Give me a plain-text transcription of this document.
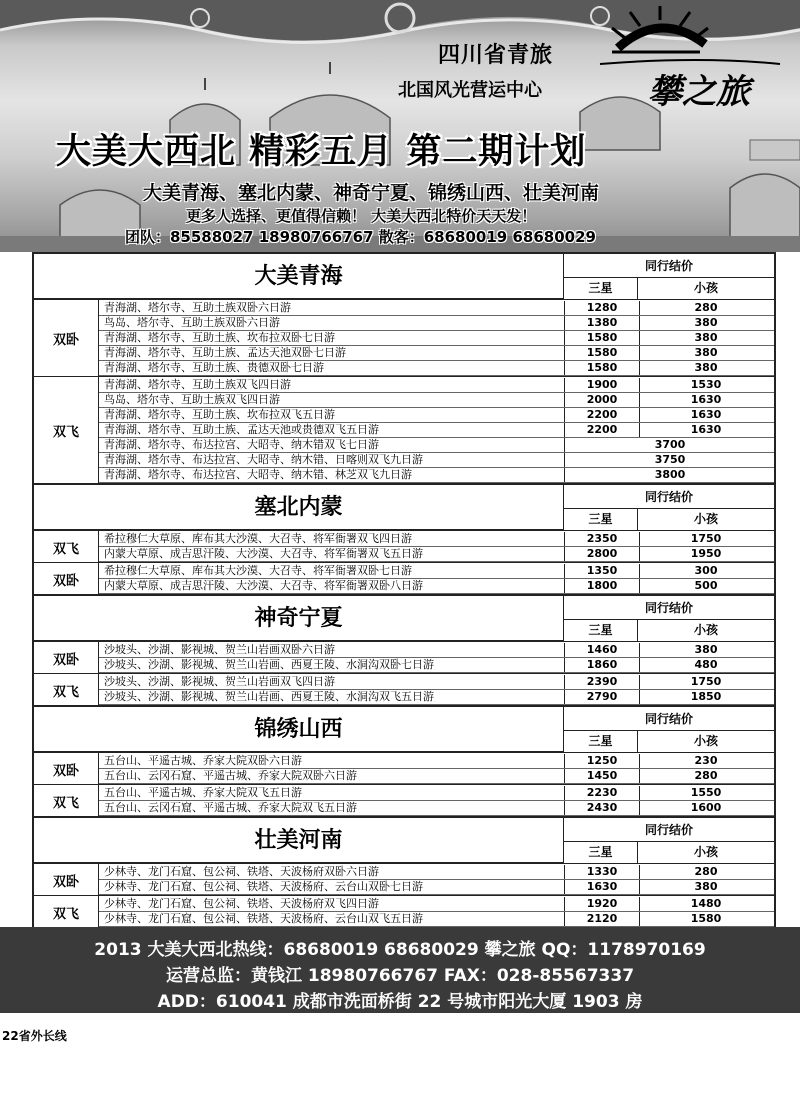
四川省青旅
北国风光营运中心	攀之旅
大美大西北 精彩五月 第二期计划
大美青海、塞北内蒙、神奇宁夏、锦绣山西、壮美河南
更多人选择、更值得信赖！ 大美大西北特价天天发！
团队：85588027 18980766767 散客：68680019 68680029
大美青海	同行结价
三星	小孩
双卧
青海湖、塔尔寺、互助土族双卧六日游	1280	280
鸟岛、塔尔寺、互助土族双卧六日游	1380	380
青海湖、塔尔寺、互助土族、坎布拉双卧七日游	1580	380
青海湖、塔尔寺、互助土族、孟达天池双卧七日游	1580	380
青海湖、塔尔寺、互助土族、贵德双卧七日游	1580	380
双飞
青海湖、塔尔寺、互助土族双飞四日游	1900	1530
鸟岛、塔尔寺、互助土族双飞四日游	2000	1630
青海湖、塔尔寺、互助土族、坎布拉双飞五日游	2200	1630
青海湖、塔尔寺、互助土族、孟达天池或贵德双飞五日游	2200	1630
青海湖、塔尔寺、布达拉宫、大昭寺、纳木错双飞七日游	3700
青海湖、塔尔寺、布达拉宫、大昭寺、纳木错、日喀则双飞九日游	3750
青海湖、塔尔寺、布达拉宫、大昭寺、纳木错、林芝双飞九日游	3800
塞北内蒙	同行结价
三星	小孩
双飞
希拉穆仁大草原、库布其大沙漠、大召寺、将军衙署双飞四日游	2350	1750
内蒙大草原、成吉思汗陵、大沙漠、大召寺、将军衙署双飞五日游	2800	1950
双卧
希拉穆仁大草原、库布其大沙漠、大召寺、将军衙署双卧七日游	1350	300
内蒙大草原、成吉思汗陵、大沙漠、大召寺、将军衙署双卧八日游	1800	500
神奇宁夏	同行结价
三星	小孩
双卧
沙坡头、沙湖、影视城、贺兰山岩画双卧六日游	1460	380
沙坡头、沙湖、影视城、贺兰山岩画、西夏王陵、水洞沟双卧七日游	1860	480
双飞
沙坡头、沙湖、影视城、贺兰山岩画双飞四日游	2390	1750
沙坡头、沙湖、影视城、贺兰山岩画、西夏王陵、水洞沟双飞五日游	2790	1850
锦绣山西	同行结价
三星	小孩
双卧
五台山、平遥古城、乔家大院双卧六日游	1250	230
五台山、云冈石窟、平遥古城、乔家大院双卧六日游	1450	280
双飞
五台山、平遥古城、乔家大院双飞五日游	2230	1550
五台山、云冈石窟、平遥古城、乔家大院双飞五日游	2430	1600
壮美河南	同行结价
三星	小孩
双卧
少林寺、龙门石窟、包公祠、铁塔、天波杨府双卧六日游	1330	280
少林寺、龙门石窟、包公祠、铁塔、天波杨府、云台山双卧七日游	1630	380
双飞
少林寺、龙门石窟、包公祠、铁塔、天波杨府双飞四日游	1920	1480
少林寺、龙门石窟、包公祠、铁塔、天波杨府、云台山双飞五日游	2120	1580
2013 大美大西北热线：68680019 68680029 攀之旅 QQ：1178970169
运营总监：黄钱江 18980766767 FAX：028-85567337
ADD：610041 成都市洗面桥街 22 号城市阳光大厦 1903 房
22省外长线
